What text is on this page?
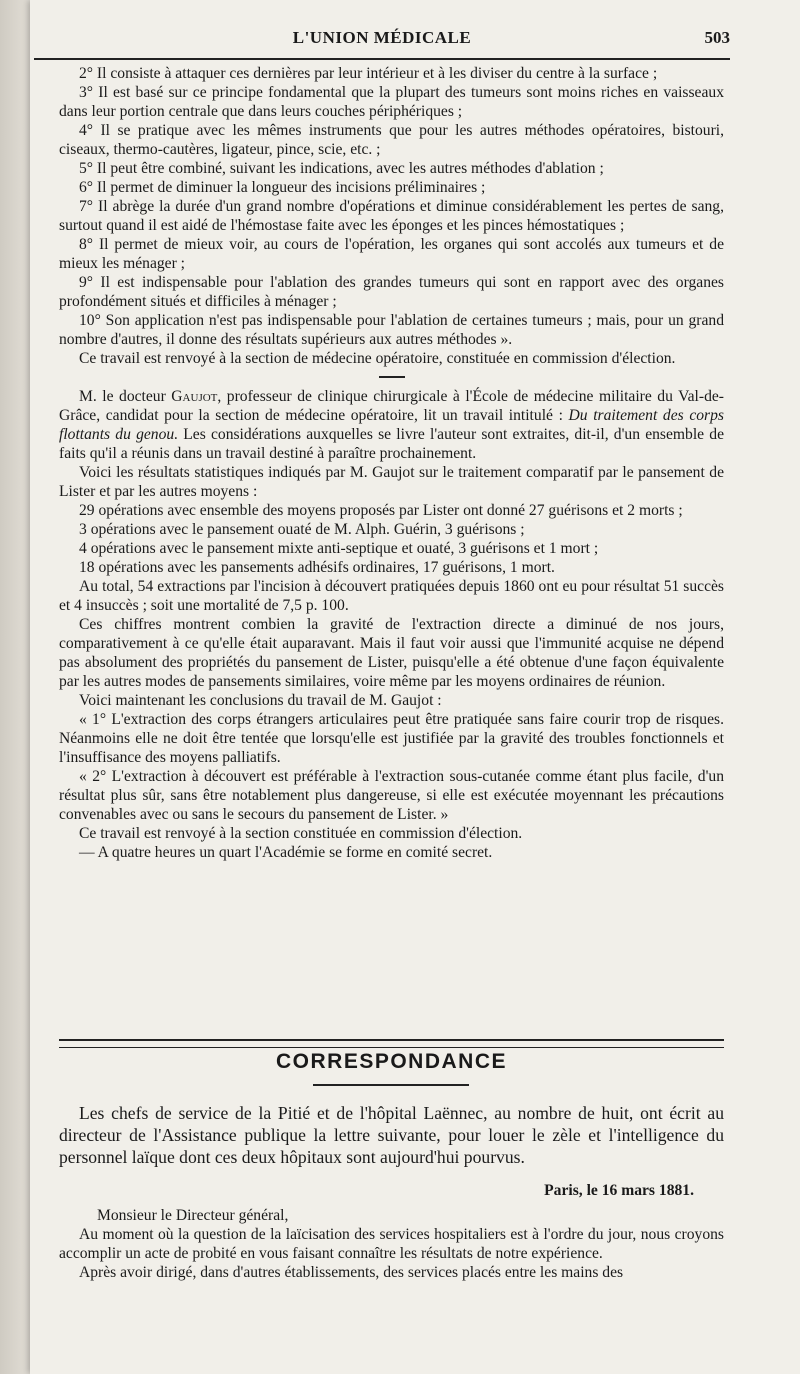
L'UNION MÉDICALE	503

2° Il consiste à attaquer ces dernières par leur intérieur et à les diviser du centre à la surface ;

3° Il est basé sur ce principe fondamental que la plupart des tumeurs sont moins riches en vaisseaux dans leur portion centrale que dans leurs couches périphériques ;

4° Il se pratique avec les mêmes instruments que pour les autres méthodes opératoires, bistouri, ciseaux, thermo-cautères, ligateur, pince, scie, etc. ;

5° Il peut être combiné, suivant les indications, avec les autres méthodes d'ablation ;

6° Il permet de diminuer la longueur des incisions préliminaires ;

7° Il abrège la durée d'un grand nombre d'opérations et diminue considérablement les pertes de sang, surtout quand il est aidé de l'hémostase faite avec les éponges et les pinces hémostatiques ;

8° Il permet de mieux voir, au cours de l'opération, les organes qui sont accolés aux tumeurs et de mieux les ménager ;

9° Il est indispensable pour l'ablation des grandes tumeurs qui sont en rapport avec des organes profondément situés et difficiles à ménager ;

10° Son application n'est pas indispensable pour l'ablation de certaines tumeurs ; mais, pour un grand nombre d'autres, il donne des résultats supérieurs aux autres méthodes ».

Ce travail est renvoyé à la section de médecine opératoire, constituée en commission d'élection.

M. le docteur Gaujot, professeur de clinique chirurgicale à l'École de médecine militaire du Val-de-Grâce, candidat pour la section de médecine opératoire, lit un travail intitulé : Du traitement des corps flottants du genou. Les considérations auxquelles se livre l'auteur sont extraites, dit-il, d'un ensemble de faits qu'il a réunis dans un travail destiné à paraître prochainement.

Voici les résultats statistiques indiqués par M. Gaujot sur le traitement comparatif par le pansement de Lister et par les autres moyens :

29 opérations avec ensemble des moyens proposés par Lister ont donné 27 guérisons et 2 morts ;

3 opérations avec le pansement ouaté de M. Alph. Guérin, 3 guérisons ;

4 opérations avec le pansement mixte anti-septique et ouaté, 3 guérisons et 1 mort ;

18 opérations avec les pansements adhésifs ordinaires, 17 guérisons, 1 mort.

Au total, 54 extractions par l'incision à découvert pratiquées depuis 1860 ont eu pour résultat 51 succès et 4 insuccès ; soit une mortalité de 7,5 p. 100.

Ces chiffres montrent combien la gravité de l'extraction directe a diminué de nos jours, comparativement à ce qu'elle était auparavant. Mais il faut voir aussi que l'immunité acquise ne dépend pas absolument des propriétés du pansement de Lister, puisqu'elle a été obtenue d'une façon équivalente par les autres modes de pansements similaires, voire même par les moyens ordinaires de réunion.

Voici maintenant les conclusions du travail de M. Gaujot :

« 1° L'extraction des corps étrangers articulaires peut être pratiquée sans faire courir trop de risques. Néanmoins elle ne doit être tentée que lorsqu'elle est justifiée par la gravité des troubles fonctionnels et l'insuffisance des moyens palliatifs.

« 2° L'extraction à découvert est préférable à l'extraction sous-cutanée comme étant plus facile, d'un résultat plus sûr, sans être notablement plus dangereuse, si elle est exécutée moyennant les précautions convenables avec ou sans le secours du pansement de Lister. »

Ce travail est renvoyé à la section constituée en commission d'élection.

— A quatre heures un quart l'Académie se forme en comité secret.

CORRESPONDANCE

Les chefs de service de la Pitié et de l'hôpital Laënnec, au nombre de huit, ont écrit au directeur de l'Assistance publique la lettre suivante, pour louer le zèle et l'intelligence du personnel laïque dont ces deux hôpitaux sont aujourd'hui pourvus.

Paris, le 16 mars 1881.

Monsieur le Directeur général,

Au moment où la question de la laïcisation des services hospitaliers est à l'ordre du jour, nous croyons accomplir un acte de probité en vous faisant connaître les résultats de notre expérience.

Après avoir dirigé, dans d'autres établissements, des services placés entre les mains des
